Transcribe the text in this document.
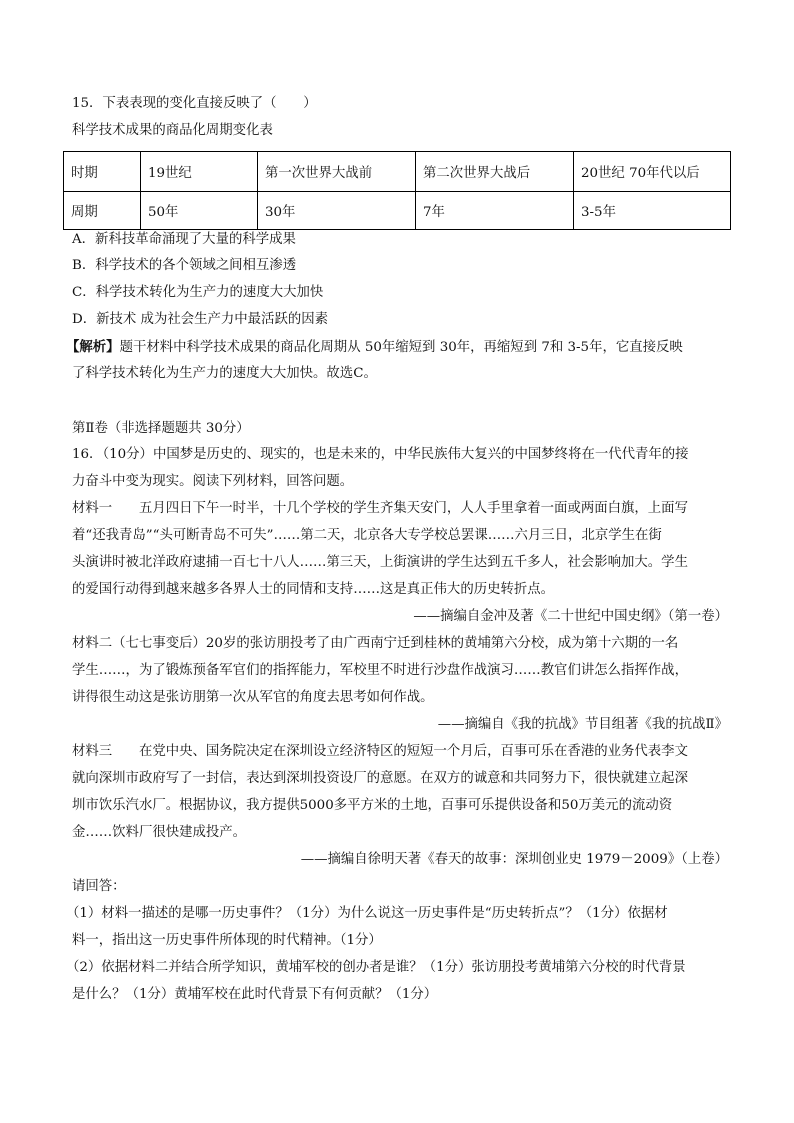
15．下表表现的变化直接反映了（　　）
科学技术成果的商品化周期变化表
时期	19世纪	第一次世界大战前	第二次世界大战后	20世纪 70年代以后
周期	50年	30年	7年	3-5年
A．新科技革命涌现了大量的科学成果
B．科学技术的各个领域之间相互渗透
C．科学技术转化为生产力的速度大大加快
D．新技术 成为社会生产力中最活跃的因素
【解析】题干材料中科学技术成果的商品化周期从 50年缩短到 30年，再缩短到 7和 3-5年，它直接反映
了科学技术转化为生产力的速度大大加快。故选C。
第Ⅱ卷（非选择题题共 30分）
16．（10分）中国梦是历史的、现实的，也是未来的，中华民族伟大复兴的中国梦终将在一代代青年的接
力奋斗中变为现实。阅读下列材料，回答问题。
材料一　　五月四日下午一时半，十几个学校的学生齐集天安门，人人手里拿着一面或两面白旗，上面写
着“还我青岛”“头可断青岛不可失”……第二天，北京各大专学校总罢课……六月三日，北京学生在街
头演讲时被北洋政府逮捕一百七十八人……第三天，上街演讲的学生达到五千多人，社会影响加大。学生
的爱国行动得到越来越多各界人士的同情和支持……这是真正伟大的历史转折点。
——摘编自金冲及著《二十世纪中国史纲》（第一卷）
材料二（七七事变后）20岁的张访朋投考了由广西南宁迁到桂林的黄埔第六分校，成为第十六期的一名
学生……，为了锻炼预备军官们的指挥能力，军校里不时进行沙盘作战演习……教官们讲怎么指挥作战，
讲得很生动这是张访朋第一次从军官的角度去思考如何作战。
——摘编自《我的抗战》节目组著《我的抗战Ⅱ》
材料三　　在党中央、国务院决定在深圳设立经济特区的短短一个月后，百事可乐在香港的业务代表李文
就向深圳市政府写了一封信，表达到深圳投资设厂的意愿。在双方的诚意和共同努力下，很快就建立起深
圳市饮乐汽水厂。根据协议，我方提供5000多平方米的土地，百事可乐提供设备和50万美元的流动资
金……饮料厂很快建成投产。
——摘编自徐明天著《春天的故事：深圳创业史 1979－2009》（上卷）
请回答：
（1）材料一描述的是哪一历史事件？（1分）为什么说这一历史事件是“历史转折点”？（1分）依据材
料一，指出这一历史事件所体现的时代精神。（1分）
（2）依据材料二并结合所学知识，黄埔军校的创办者是谁？（1分）张访朋投考黄埔第六分校的时代背景
是什么？（1分）黄埔军校在此时代背景下有何贡献？（1分）
